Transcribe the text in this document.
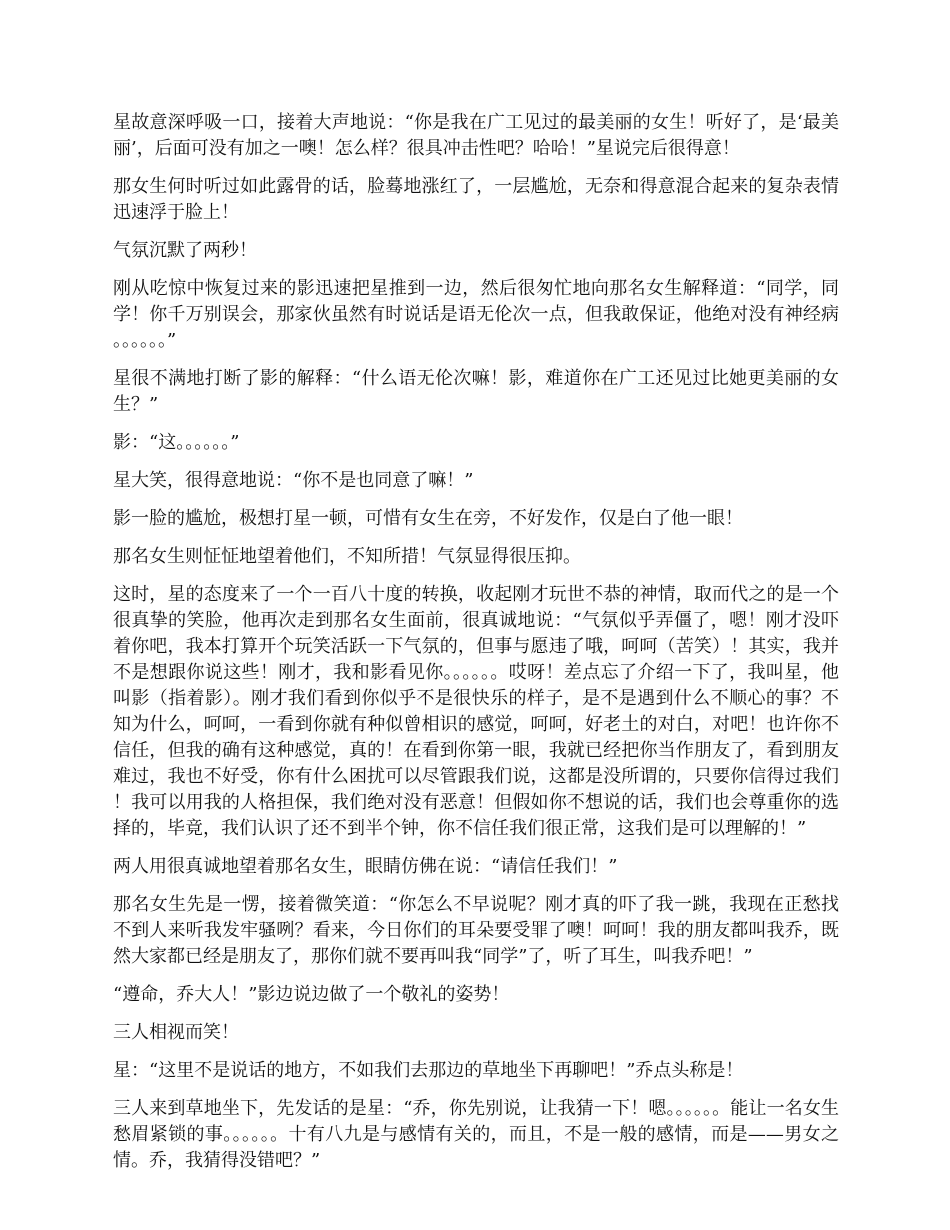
星故意深呼吸一口，接着大声地说：“你是我在广工见过的最美丽的女生！听好了，是‘最美丽’，后面可没有加之一噢！怎么样？很具冲击性吧？哈哈！”星说完后很得意！

那女生何时听过如此露骨的话，脸蓦地涨红了，一层尴尬，无奈和得意混合起来的复杂表情迅速浮于脸上！

气氛沉默了两秒！

刚从吃惊中恢复过来的影迅速把星推到一边，然后很匆忙地向那名女生解释道：“同学，同学！你千万别误会，那家伙虽然有时说话是语无伦次一点，但我敢保证，他绝对没有神经病。。。。。。”

星很不满地打断了影的解释：“什么语无伦次嘛！影，难道你在广工还见过比她更美丽的女生？”

影：“这。。。。。。”

星大笑，很得意地说：“你不是也同意了嘛！”

影一脸的尴尬，极想打星一顿，可惜有女生在旁，不好发作，仅是白了他一眼！

那名女生则怔怔地望着他们，不知所措！气氛显得很压抑。

这时，星的态度来了一个一百八十度的转换，收起刚才玩世不恭的神情，取而代之的是一个很真挚的笑脸，他再次走到那名女生面前，很真诚地说：“气氛似乎弄僵了，嗯！刚才没吓着你吧，我本打算开个玩笑活跃一下气氛的，但事与愿违了哦，呵呵（苦笑）！其实，我并不是想跟你说这些！刚才，我和影看见你。。。。。。哎呀！差点忘了介绍一下了，我叫星，他叫影（指着影）。刚才我们看到你似乎不是很快乐的样子，是不是遇到什么不顺心的事？不知为什么，呵呵，一看到你就有种似曾相识的感觉，呵呵，好老土的对白，对吧！也许你不信任，但我的确有这种感觉，真的！在看到你第一眼，我就已经把你当作朋友了，看到朋友难过，我也不好受，你有什么困扰可以尽管跟我们说，这都是没所谓的，只要你信得过我们！我可以用我的人格担保，我们绝对没有恶意！但假如你不想说的话，我们也会尊重你的选择的，毕竟，我们认识了还不到半个钟，你不信任我们很正常，这我们是可以理解的！”

两人用很真诚地望着那名女生，眼睛仿佛在说：“请信任我们！”

那名女生先是一愣，接着微笑道：“你怎么不早说呢？刚才真的吓了我一跳，我现在正愁找不到人来听我发牢骚咧？看来，今日你们的耳朵要受罪了噢！呵呵！我的朋友都叫我乔，既然大家都已经是朋友了，那你们就不要再叫我“同学”了，听了耳生，叫我乔吧！”

“遵命，乔大人！”影边说边做了一个敬礼的姿势！

三人相视而笑！

星：“这里不是说话的地方，不如我们去那边的草地坐下再聊吧！”乔点头称是！

三人来到草地坐下，先发话的是星：“乔，你先别说，让我猜一下！嗯。。。。。。能让一名女生愁眉紧锁的事。。。。。。十有八九是与感情有关的，而且，不是一般的感情，而是——男女之情。乔，我猜得没错吧？”
